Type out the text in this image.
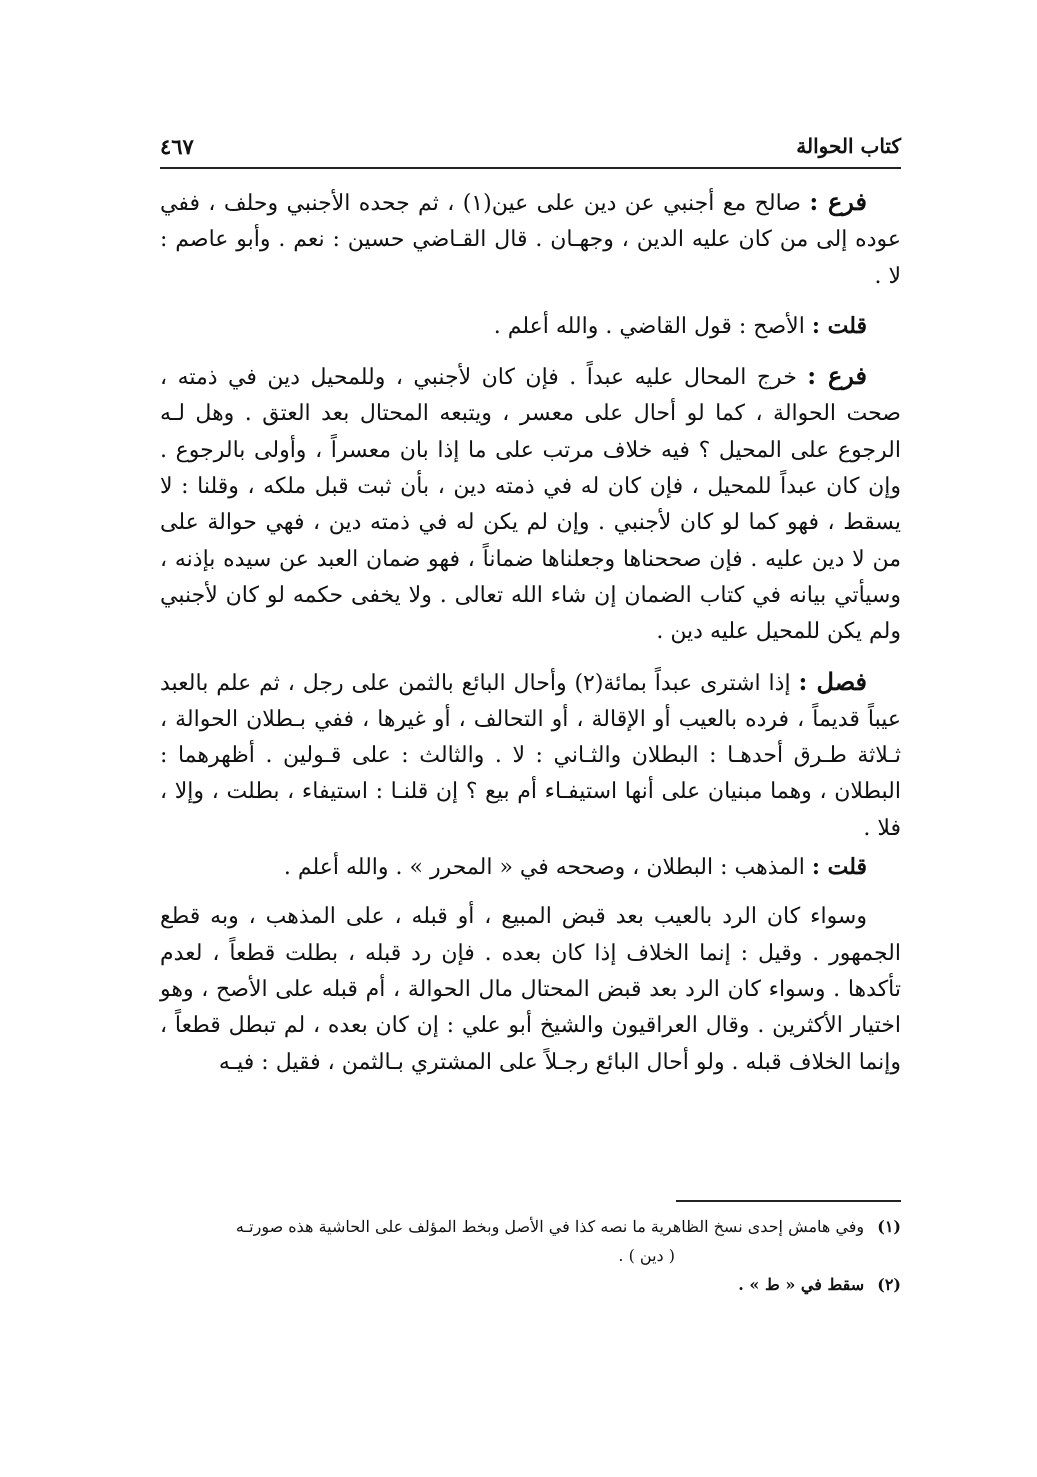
كتاب الحوالة
٤٦٧

فرع : صالح مع أجنبي عن دين على عين(١) ، ثم جحده الأجنبي وحلف ، ففي عوده إلى من كان عليه الدين ، وجهـان . قال القـاضي حسين : نعم . وأبو عاصم : لا .

قلت : الأصح : قول القاضي . والله أعلم .

فرع : خرج المحال عليه عبداً . فإن كان لأجنبي ، وللمحيل دين في ذمته ، صحت الحوالة ، كما لو أحال على معسر ، ويتبعه المحتال بعد العتق . وهل لـه الرجوع على المحيل ؟ فيه خلاف مرتب على ما إذا بان معسراً ، وأولى بالرجوع . وإن كان عبداً للمحيل ، فإن كان له في ذمته دين ، بأن ثبت قبل ملكه ، وقلنا : لا يسقط ، فهو كما لو كان لأجنبي . وإن لم يكن له في ذمته دين ، فهي حوالة على من لا دين عليه . فإن صححناها وجعلناها ضماناً ، فهو ضمان العبد عن سيده بإذنه ، وسيأتي بيانه في كتاب الضمان إن شاء الله تعالى . ولا يخفى حكمه لو كان لأجنبي ولم يكن للمحيل عليه دين .

فصل : إذا اشترى عبداً بمائة(٢) وأحال البائع بالثمن على رجل ، ثم علم بالعبد عيباً قديماً ، فرده بالعيب أو الإقالة ، أو التحالف ، أو غيرها ، ففي بـطلان الحوالة ، ثـلاثة طـرق أحدهـا : البطلان والثـاني : لا . والثالث : على قـولين . أظهرهما : البطلان ، وهما مبنيان على أنها استيفـاء أم بيع ؟ إن قلنـا : استيفاء ، بطلت ، وإلا ، فلا .

قلت : المذهب : البطلان ، وصححه في « المحرر » . والله أعلم .

وسواء كان الرد بالعيب بعد قبض المبيع ، أو قبله ، على المذهب ، وبه قطع الجمهور . وقيل : إنما الخلاف إذا كان بعده . فإن رد قبله ، بطلت قطعاً ، لعدم تأكدها . وسواء كان الرد بعد قبض المحتال مال الحوالة ، أم قبله على الأصح ، وهو اختيار الأكثرين . وقال العراقيون والشيخ أبو علي : إن كان بعده ، لم تبطل قطعاً ، وإنما الخلاف قبله . ولو أحال البائع رجـلاً على المشتري بـالثمن ، فقيل : فيـه

(١) وفي هامش إحدى نسخ الظاهرية ما نصه كذا في الأصل وبخط المؤلف على الحاشية هذه صورتـه
( دين ) .
(٢) سقط في « ط » .
